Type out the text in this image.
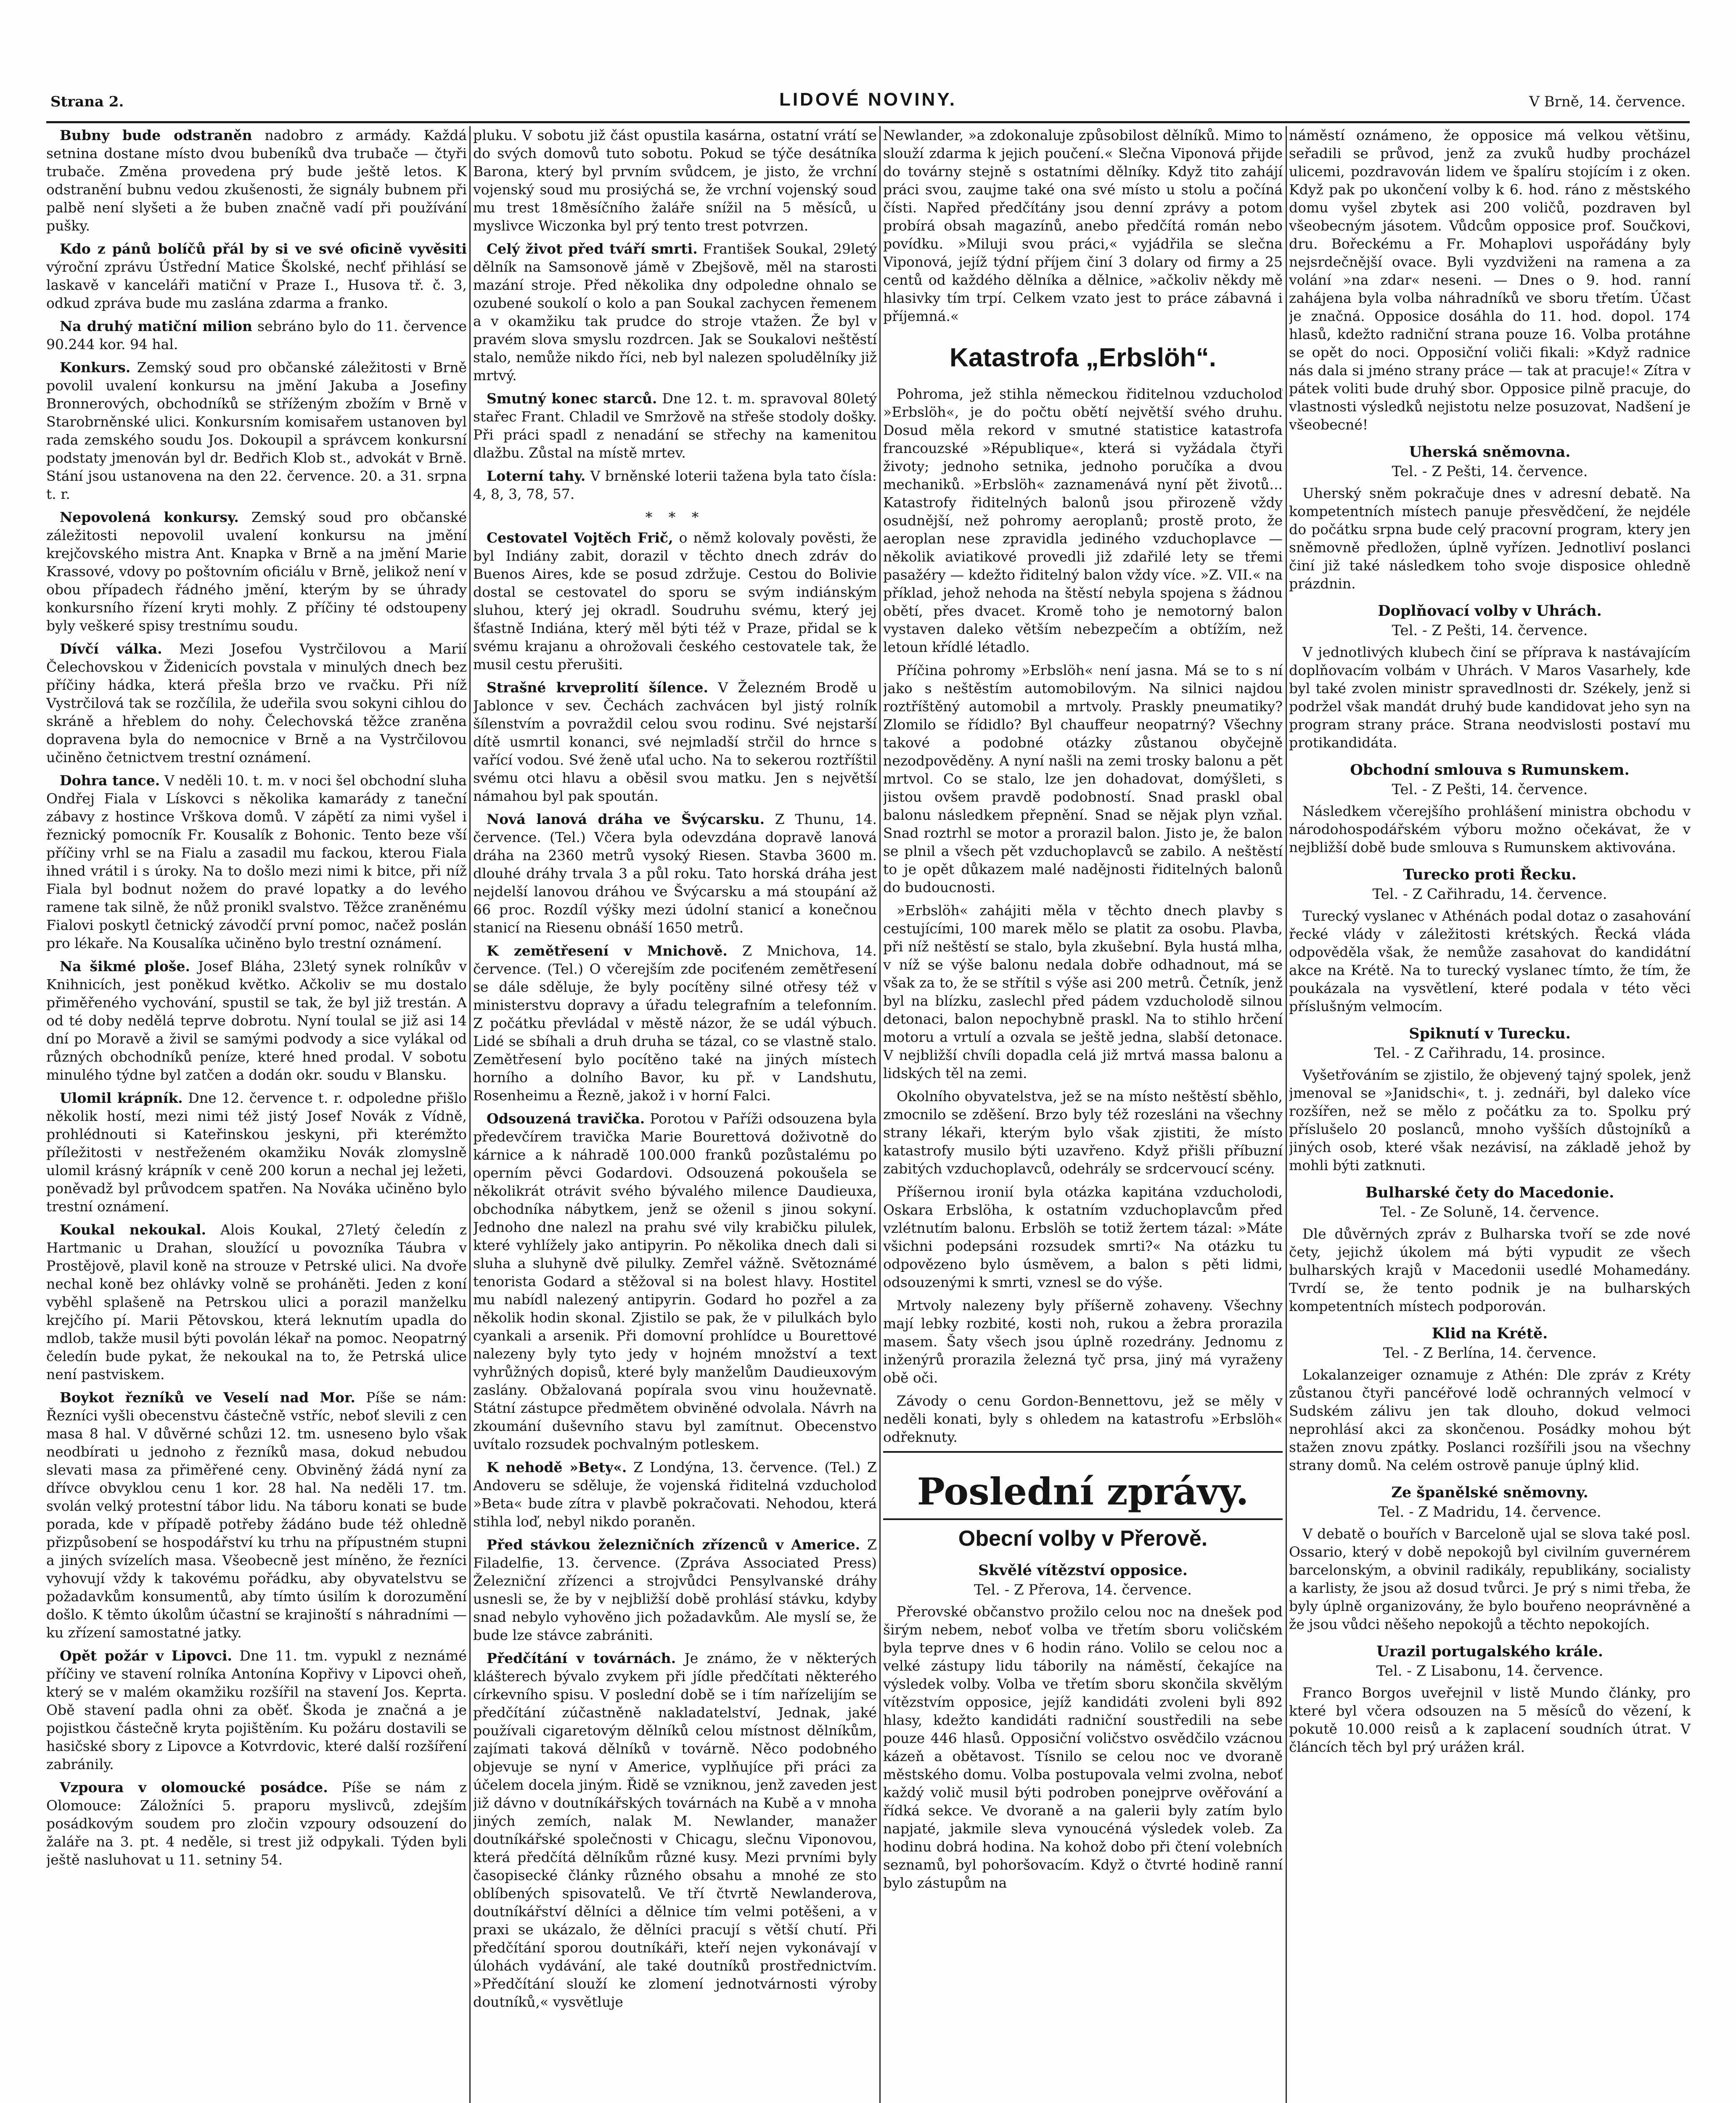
Strana 2.	LIDOVÉ NOVINY.	V Brně, 14. července.

Bubny bude odstraněn nadobro z armády. Každá setnina dostane místo dvou bubeníků dva trubače — čtyři trubače. Změna provedena prý bude ještě letos. K odstranění bubnu vedou zkušenosti, že signály bubnem při palbě není slyšeti a že buben značně vadí při používání pušky.

Kdo z pánů bolíčů přál by si ve své oficině vyvěsiti výroční zprávu Ústřední Matice Školské, nechť přihlásí se laskavě v kanceláři matiční v Praze I., Husova tř. č. 3, odkud zpráva bude mu zaslána zdarma a franko.

Na druhý matiční milion sebráno bylo do 11. července 90.244 kor. 94 hal.

Konkurs. Zemský soud pro občanské záležitosti v Brně povolil uvalení konkursu na jmění Jakuba a Josefiny Bronnerových, obchodníků se stříženým zbožím v Brně v Starobrněnské ulici. Konkursním komisařem ustanoven byl rada zemského soudu Jos. Dokoupil a správcem konkursní podstaty jmenován byl dr. Bedřich Klob st., advokát v Brně. Stání jsou ustanovena na den 22. července. 20. a 31. srpna t. r.

Nepovolená konkursy. Zemský soud pro občanské záležitosti nepovolil uvalení konkursu na jmění krejčovského mistra Ant. Knapka v Brně a na jmění Marie Krassové, vdovy po poštovním oficiálu v Brně, jelikož není v obou případech řádného jmění, kterým by se úhrady konkursního řízení kryti mohly. Z příčiny té odstoupeny byly veškeré spisy trestnímu soudu.

Dívčí válka. Mezi Josefou Vystrčilovou a Marií Čelechovskou v Židenicích povstala v minulých dnech bez příčiny hádka, která přešla brzo ve rvačku. Při níž Vystrčilová tak se rozčílila, že udeřila svou sokyni cihlou do skráně a hřeblem do nohy. Čelechovská těžce zraněna dopravena byla do nemocnice v Brně a na Vystrčilovou učiněno četnictvem trestní oznámení.

Dohra tance. V neděli 10. t. m. v noci šel obchodní sluha Ondřej Fiala v Lískovci s několika kamarády z taneční zábavy z hostince Vrškova domů. V zápětí za nimi vyšel i řeznický pomocník Fr. Kousalík z Bohonic. Tento beze vší příčiny vrhl se na Fialu a zasadil mu fackou, kterou Fiala ihned vrátil i s úroky. Na to došlo mezi nimi k bitce, při níž Fiala byl bodnut nožem do pravé lopatky a do levého ramene tak silně, že nůž pronikl svalstvo. Těžce zraněnému Fialovi poskytl četnický závodčí první pomoc, načež poslán pro lékaře. Na Kousalíka učiněno bylo trestní oznámení.

Na šikmé ploše. Josef Bláha, 23letý synek rolníkův v Knihnicích, jest poněkud květko. Ačkoliv se mu dostalo přiměřeného vychování, spustil se tak, že byl již trestán. A od té doby nedělá teprve dobrotu. Nyní toulal se již asi 14 dní po Moravě a živil se samými podvody a sice vylákal od různých obchodníků peníze, které hned prodal. V sobotu minulého týdne byl zatčen a dodán okr. soudu v Blansku.

Ulomil krápník. Dne 12. července t. r. odpoledne přišlo několik hostí, mezi nimi též jistý Josef Novák z Vídně, prohlédnouti si Kateřinskou jeskyni, při kterémžto příležitosti v nestřeženém okamžiku Novák zlomyslně ulomil krásný krápník v ceně 200 korun a nechal jej ležeti, poněvadž byl průvodcem spatřen. Na Nováka učiněno bylo trestní oznámení.

Koukal nekoukal. Alois Koukal, 27letý čeledín z Hartmanic u Drahan, sloužící u povozníka Táubra v Prostějově, plavil koně na strouze v Petrské ulici. Na dvoře nechal koně bez ohlávky volně se proháněti. Jeden z koní vyběhl splašeně na Petrskou ulici a porazil manželku krejčího pí. Marii Pětovskou, která leknutím upadla do mdlob, takže musil býti povolán lékař na pomoc. Neopatrný čeledín bude pykat, že nekoukal na to, že Petrská ulice není pastviskem.

Boykot řezníků ve Veselí nad Mor. Píše se nám: Řezníci vyšli obecenstvu částečně vstříc, neboť slevili z cen masa 8 hal. V důvěrné schůzi 12. tm. usneseno bylo však neodbírati u jednoho z řezníků masa, dokud nebudou slevati masa za přiměřené ceny. Obviněný žádá nyní za dřívce obvyklou cenu 1 kor. 28 hal. Na neděli 17. tm. svolán velký protestní tábor lidu. Na táboru konati se bude porada, kde v případě potřeby žádáno bude též ohledně přizpůsobení se hospodářství ku trhu na přípustném stupni a jiných svízelích masa. Všeobecně jest míněno, že řezníci vyhovují vždy k takovému pořádku, aby obyvatelstvu se požadavkům konsumentů, aby tímto úsilím k dorozumění došlo. K těmto úkolům účastní se krajinoští s náhradními — ku zřízení samostatné jatky.

Opět požár v Lipovci. Dne 11. tm. vypukl z neznámé příčiny ve stavení rolníka Antonína Kopřivy v Lipovci oheň, který se v malém okamžiku rozšířil na stavení Jos. Keprta. Obě stavení padla ohni za oběť. Škoda je značná a je pojistkou částečně kryta pojištěním. Ku požáru dostavili se hasičské sbory z Lipovce a Kotvrdovic, které další rozšíření zabránily.

Vzpoura v olomoucké posádce. Píše se nám z Olomouce: Záložníci 5. praporu myslivců, zdejším posádkovým soudem pro zločin vzpoury odsouzení do žaláře na 3. pt. 4 neděle, si trest již odpykali. Týden byli ještě nasluhovat u 11. setniny 54.

pluku. V sobotu již část opustila kasárna, ostatní vrátí se do svých domovů tuto sobotu. Pokud se týče desátníka Barona, který byl prvním svůdcem, je jisto, že vrchní vojenský soud mu prosiýchá se, že vrchní vojenský soud mu trest 18měsíčního žaláře snížil na 5 měsíců, u myslivce Wiczonka byl prý tento trest potvrzen.

Celý život před tváří smrti. František Soukal, 29letý dělník na Samsonově jámě v Zbejšově, měl na starosti mazání stroje. Před několika dny odpoledne ohnalo se ozubené soukolí o kolo a pan Soukal zachycen řemenem a v okamžiku tak prudce do stroje vtažen. Že byl v pravém slova smyslu rozdrcen. Jak se Soukalovi neštěstí stalo, nemůže nikdo říci, neb byl nalezen spoludělníky již mrtvý.

Smutný konec starců. Dne 12. t. m. spravoval 80letý stařec Frant. Chladil ve Smržově na střeše stodoly došky. Při práci spadl z nenadání se střechy na kamenitou dlažbu. Zůstal na místě mrtev.

Loterní tahy. V brněnské loterii tažena byla tato čísla: 4, 8, 3, 78, 57.

* * *

Cestovatel Vojtěch Frič, o němž kolovaly pověsti, že byl Indiány zabit, dorazil v těchto dnech zdráv do Buenos Aires, kde se posud zdržuje. Cestou do Bolivie dostal se cestovatel do sporu se svým indiánským sluhou, který jej okradl. Soudruhu svému, který jej šťastně Indiána, který měl býti též v Praze, přidal se k svému krajanu a ohrožovali českého cestovatele tak, že musil cestu přerušiti.

Strašné krveprolití šílence. V Železném Brodě u Jablonce v sev. Čechách zachvácen byl jistý rolník šílenstvím a povraždil celou svou rodinu. Své nejstarší dítě usmrtil konanci, své nejmladší strčil do hrnce s vařící vodou. Své ženě uťal ucho. Na to sekerou roztříštil svému otci hlavu a oběsil svou matku. Jen s největší námahou byl pak spoután.

Nová lanová dráha ve Švýcarsku. Z Thunu, 14. července. (Tel.) Včera byla odevzdána dopravě lanová dráha na 2360 metrů vysoký Riesen. Stavba 3600 m. dlouhé dráhy trvala 3 a půl roku. Tato horská dráha jest nejdelší lanovou dráhou ve Švýcarsku a má stoupání až 66 proc. Rozdíl výšky mezi údolní stanicí a konečnou stanicí na Riesenu obnáší 1650 metrů.

K zemětřesení v Mnichově. Z Mnichova, 14. července. (Tel.) O včerejším zde pociťeném zemětřesení se dále sděluje, že byly pocítěny silné otřesy též v ministerstvu dopravy a úřadu telegrafním a telefonním. Z počátku převládal v městě názor, že se udál výbuch. Lidé se sbíhali a druh druha se tázal, co se vlastně stalo. Zemětřesení bylo pocítěno také na jiných místech horního a dolního Bavor, ku př. v Landshutu, Rosenheimu a Řezně, jakož i v horní Falci.

Odsouzená travička. Porotou v Paříži odsouzena byla předevčírem travička Marie Bourettová doživotně do kárnice a k náhradě 100.000 franků pozůstalému po operním pěvci Godardovi. Odsouzená pokoušela se několikrát otrávit svého bývalého milence Daudieuxa, obchodníka nábytkem, jenž se oženil s jinou sokyní. Jednoho dne nalezl na prahu své vily krabičku pilulek, které vyhlížely jako antipyrin. Po několika dnech dali si sluha a sluhyně dvě pilulky. Zemřel vážně. Světoznámé tenorista Godard a stěžoval si na bolest hlavy. Hostitel mu nabídl nalezený antipyrin. Godard ho pozřel a za několik hodin skonal. Zjistilo se pak, že v pilulkách bylo cyankali a arsenik. Při domovní prohlídce u Bourettové nalezeny byly tyto jedy v hojném množství a text vyhrůžných dopisů, které byly manželům Daudieuxovým zaslány. Obžalovaná popírala svou vinu houževnatě. Státní zástupce předmětem obviněné odvolala. Návrh na zkoumání duševního stavu byl zamítnut. Obecenstvo uvítalo rozsudek pochvalným potleskem.

K nehodě »Bety«. Z Londýna, 13. července. (Tel.) Z Andoveru se sděluje, že vojenská řiditelná vzducholoď »Beta« bude zítra v plavbě pokračovati. Nehodou, která stihla loď, nebyl nikdo poraněn.

Před stávkou železničních zřízenců v Americe. Z Filadelfie, 13. července. (Zpráva Associated Press) Železniční zřízenci a strojvůdci Pensylvanské dráhy usnesli se, že by v nejbližší době prohlásí stávku, kdyby snad nebylo vyhověno jich požadavkům. Ale myslí se, že bude lze stávce zabrániti.

Předčítání v továrnách. Je známo, že v některých klášterech bývalo zvykem při jídle předčítati některého církevního spisu. V poslední době se i tím nařízelijím se předčítání zúčastněně nakladatelství, Jednak, jaké používali cigaretovým dělníků celou místnost dělníkům, zajímati taková dělníků v továrně. Něco podobného objevuje se nyní v Americe, vyplňujíce při práci za účelem docela jiným. Řidě se vzniknou, jenž zaveden jest již dávno v doutníkářských továrnách na Kubě a v mnoha jiných zemích, nalak M. Newlander, manažer doutníkářské společnosti v Chicagu, slečnu Viponovou, která předčítá dělníkům různé kusy. Mezi prvními byly časopisecké články různého obsahu a mnohé ze sto oblíbených spisovatelů. Ve tří čtvrtě Newlanderova, doutníkářství dělníci a dělnice tím velmi potěšeni, a v praxi se ukázalo, že dělníci pracují s větší chutí. Při předčítání sporou doutníkáři, kteří nejen vykonávají v úlohách vydávání, ale také doutníků prostřednictvím. »Předčítání slouží ke zlomení jednotvárnosti výroby doutníků,« vysvětluje

Newlander, »a zdokonaluje způsobilost dělníků. Mimo to slouží zdarma k jejich poučení.« Slečna Viponová přijde do továrny stejně s ostatními dělníky. Když tito zahájí práci svou, zaujme také ona své místo u stolu a počíná čísti. Napřed předčítány jsou denní zprávy a potom probírá obsah magazínů, anebo předčítá román nebo povídku. »Miluji svou práci,« vyjádřila se slečna Viponová, jejíž týdní příjem činí 3 dolary od firmy a 25 centů od každého dělníka a dělnice, »ačkoliv někdy mě hlasivky tím trpí. Celkem vzato jest to práce zábavná i příjemná.«

Katastrofa „Erbslöh“.

Pohroma, jež stihla německou řiditelnou vzducholoď »Erbslöh«, je do počtu obětí největší svého druhu. Dosud měla rekord v smutné statistice katastrofa francouzské »République«, která si vyžádala čtyři životy; jednoho setnika, jednoho poručíka a dvou mechaniků. »Erbslöh« zaznamenává nyní pět životů... Katastrofy řiditelných balonů jsou přirozeně vždy osudnější, než pohromy aeroplanů; prostě proto, že aeroplan nese zpravidla jediného vzduchoplavce — několik aviatikové provedli již zdařilé lety se třemi pasažéry — kdežto řiditelný balon vždy více. »Z. VII.« na příklad, jehož nehoda na štěstí nebyla spojena s žádnou obětí, přes dvacet. Kromě toho je nemotorný balon vystaven daleko větším nebezpečím a obtížím, než letoun křídlé létadlo.

Příčina pohromy »Erbslöh« není jasna. Má se to s ní jako s neštěstím automobilovým. Na silnici najdou roztříštěný automobil a mrtvoly. Praskly pneumatiky? Zlomilo se řídidlo? Byl chauffeur neopatrný? Všechny takové a podobné otázky zůstanou obyčejně nezodpověděny. A nyní našli na zemi trosky balonu a pět mrtvol. Co se stalo, lze jen dohadovat, domýšleti, s jistou ovšem pravdě podobností. Snad praskl obal balonu následkem přepnění. Snad se nějak plyn vzňal. Snad roztrhl se motor a prorazil balon. Jisto je, že balon se plnil a všech pět vzduchoplavců se zabilo. A neštěstí to je opět důkazem malé nadějnosti řiditelných balonů do budoucnosti.

»Erbslöh« zahájiti měla v těchto dnech plavby s cestujícími, 100 marek mělo se platit za osobu. Plavba, při níž neštěstí se stalo, byla zkušební. Byla hustá mlha, v níž se výše balonu nedala dobře odhadnout, má se však za to, že se střítil s výše asi 200 metrů. Četník, jenž byl na blízku, zaslechl před pádem vzducholodě silnou detonaci, balon nepochybně praskl. Na to stihlo hrčení motoru a vrtulí a ozvala se ještě jedna, slabší detonace. V nejbližší chvíli dopadla celá již mrtvá massa balonu a lidských těl na zemi.

Okolního obyvatelstva, jež se na místo neštěstí sběhlo, zmocnilo se zděšení. Brzo byly též rozesláni na všechny strany lékaři, kterým bylo však zjistiti, že místo katastrofy musilo býti uzavřeno. Když přišli příbuzní zabitých vzduchoplavců, odehrály se srdcervoucí scény.

Příšernou ironií byla otázka kapitána vzducholodi, Oskara Erbslöha, k ostatním vzduchoplavcům před vzlétnutím balonu. Erbslöh se totiž žertem tázal: »Máte všichni podepsáni rozsudek smrti?« Na otázku tu odpovězeno bylo úsměvem, a balon s pěti lidmi, odsouzenými k smrti, vznesl se do výše.

Mrtvoly nalezeny byly příšerně zohaveny. Všechny mají lebky rozbité, kosti noh, rukou a žebra prorazila masem. Šaty všech jsou úplně rozedrány. Jednomu z inženýrů prorazila železná tyč prsa, jiný má vyraženy obě oči.

Závody o cenu Gordon-Bennettovu, jež se měly v neděli konati, byly s ohledem na katastrofu »Erbslöh« odřeknuty.

Poslední zprávy.
Obecní volby v Přerově.
Skvělé vítězství opposice.
Tel. - Z Přerova, 14. července.

Přerovské občanstvo prožilo celou noc na dnešek pod širým nebem, neboť volba ve třetím sboru voličském byla teprve dnes v 6 hodin ráno. Volilo se celou noc a velké zástupy lidu táborily na náměstí, čekajíce na výsledek volby. Volba ve třetím sboru skončila skvělým vítězstvím opposice, jejíž kandidáti zvoleni byli 892 hlasy, kdežto kandidáti radniční soustředili na sebe pouze 446 hlasů. Opposiční voličstvo osvědčilo vzácnou kázeň a obětavost. Tísnilo se celou noc ve dvoraně městského domu. Volba postupovala velmi zvolna, neboť každý volič musil býti podroben ponejprve ověřování a řídká sekce. Ve dvoraně a na galerii byly zatím bylo napjaté, jakmile sleva vynoucéná výsledek voleb. Za hodinu dobrá hodina. Na kohož dobo při čtení volebních seznamů, byl pohoršovacím. Když o čtvrté hodině ranní bylo zástupům na

náměstí oznámeno, že opposice má velkou většinu, seřadili se průvod, jenž za zvuků hudby procházel ulicemi, pozdravován lidem ve špalíru stojícím i z oken. Když pak po ukončení volby k 6. hod. ráno z městského domu vyšel zbytek asi 200 voličů, pozdraven byl všeobecným jásotem. Vůdcům opposice prof. Součkovi, dru. Bořeckému a Fr. Mohaplovi uspořádány byly nejsrdečnější ovace. Byli vyzdviženi na ramena a za volání »na zdar« neseni. — Dnes o 9. hod. ranní zahájena byla volba náhradníků ve sboru třetím. Účast je značná. Opposice dosáhla do 11. hod. dopol. 174 hlasů, kdežto radniční strana pouze 16. Volba protáhne se opět do noci. Opposiční voliči fikali: »Když radnice nás dala si jméno strany práce — tak at pracuje!« Zítra v pátek voliti bude druhý sbor. Opposice pilně pracuje, do vlastnosti výsledků nejistotu nelze posuzovat, Nadšení je všeobecné!

Uherská sněmovna.
Tel. - Z Pešti, 14. července.

Uherský sněm pokračuje dnes v adresní debatě. Na kompetentních místech panuje přesvědčení, že nejdéle do počátku srpna bude celý pracovní program, ktery jen sněmovně předložen, úplně vyřízen. Jednotliví poslanci činí již také následkem toho svoje disposice ohledně prázdnin.

Doplňovací volby v Uhrách.
Tel. - Z Pešti, 14. července.

V jednotlivých klubech činí se příprava k nastávajícím doplňovacím volbám v Uhrách. V Maros Vasarhely, kde byl také zvolen ministr spravedlnosti dr. Székely, jenž si podržel však mandát druhý bude kandidovat jeho syn na program strany práce. Strana neodvislosti postaví mu protikandidáta.

Obchodní smlouva s Rumunskem.
Tel. - Z Pešti, 14. července.

Následkem včerejšího prohlášení ministra obchodu v národohospodářském výboru možno očekávat, že v nejbližší době bude smlouva s Rumunskem aktivována.

Turecko proti Řecku.
Tel. - Z Cařihradu, 14. července.

Turecký vyslanec v Athénách podal dotaz o zasahování řecké vlády v záležitosti krétských. Řecká vláda odpověděla však, že nemůže zasahovat do kandidátní akce na Krétě. Na to turecký vyslanec tímto, že tím, že poukázala na vysvětlení, které podala v této věci příslušným velmocím.

Spiknutí v Turecku.
Tel. - Z Cařihradu, 14. prosince.

Vyšetřováním se zjistilo, že objevený tajný spolek, jenž jmenoval se »Janidschi«, t. j. zednáři, byl daleko více rozšířen, než se mělo z počátku za to. Spolku prý příslušelo 20 poslanců, mnoho vyšších důstojníků a jiných osob, které však nezávisí, na základě jehož by mohli býti zatknuti.

Bulharské čety do Macedonie.
Tel. - Ze Soluně, 14. července.

Dle důvěrných zpráv z Bulharska tvoří se zde nové čety, jejichž úkolem má býti vypudit ze všech bulharských krajů v Macedonii usedlé Mohamedány. Tvrdí se, že tento podnik je na bulharských kompetentních místech podporován.

Klid na Krétě.
Tel. - Z Berlína, 14. července.

Lokalanzeiger oznamuje z Athén: Dle zpráv z Kréty zůstanou čtyři pancéřové lodě ochranných velmocí v Sudském zálivu jen tak dlouho, dokud velmoci neprohlásí akci za skončenou. Posádky mohou být stažen znovu zpátky. Poslanci rozšířili jsou na všechny strany domů. Na celém ostrově panuje úplný klid.

Ze španělské sněmovny.
Tel. - Z Madridu, 14. července.

V debatě o bouřích v Barceloně ujal se slova také posl. Ossario, který v době nepokojů byl civilním guvernérem barcelonským, a obvinil radikály, republikány, socialisty a karlisty, že jsou až dosud tvůrci. Je prý s nimi třeba, že byly úplně organizovány, že bylo bouřeno neoprávněné a že jsou vůdci něšeho nepokojů a těchto nepokojích.

Urazil portugalského krále.
Tel. - Z Lisabonu, 14. července.

Franco Borgos uveřejnil v listě Mundo články, pro které byl včera odsouzen na 5 měsíců do vězení, k pokutě 10.000 reisů a k zaplacení soudních útrat. V článcích těch byl prý urážen král.
